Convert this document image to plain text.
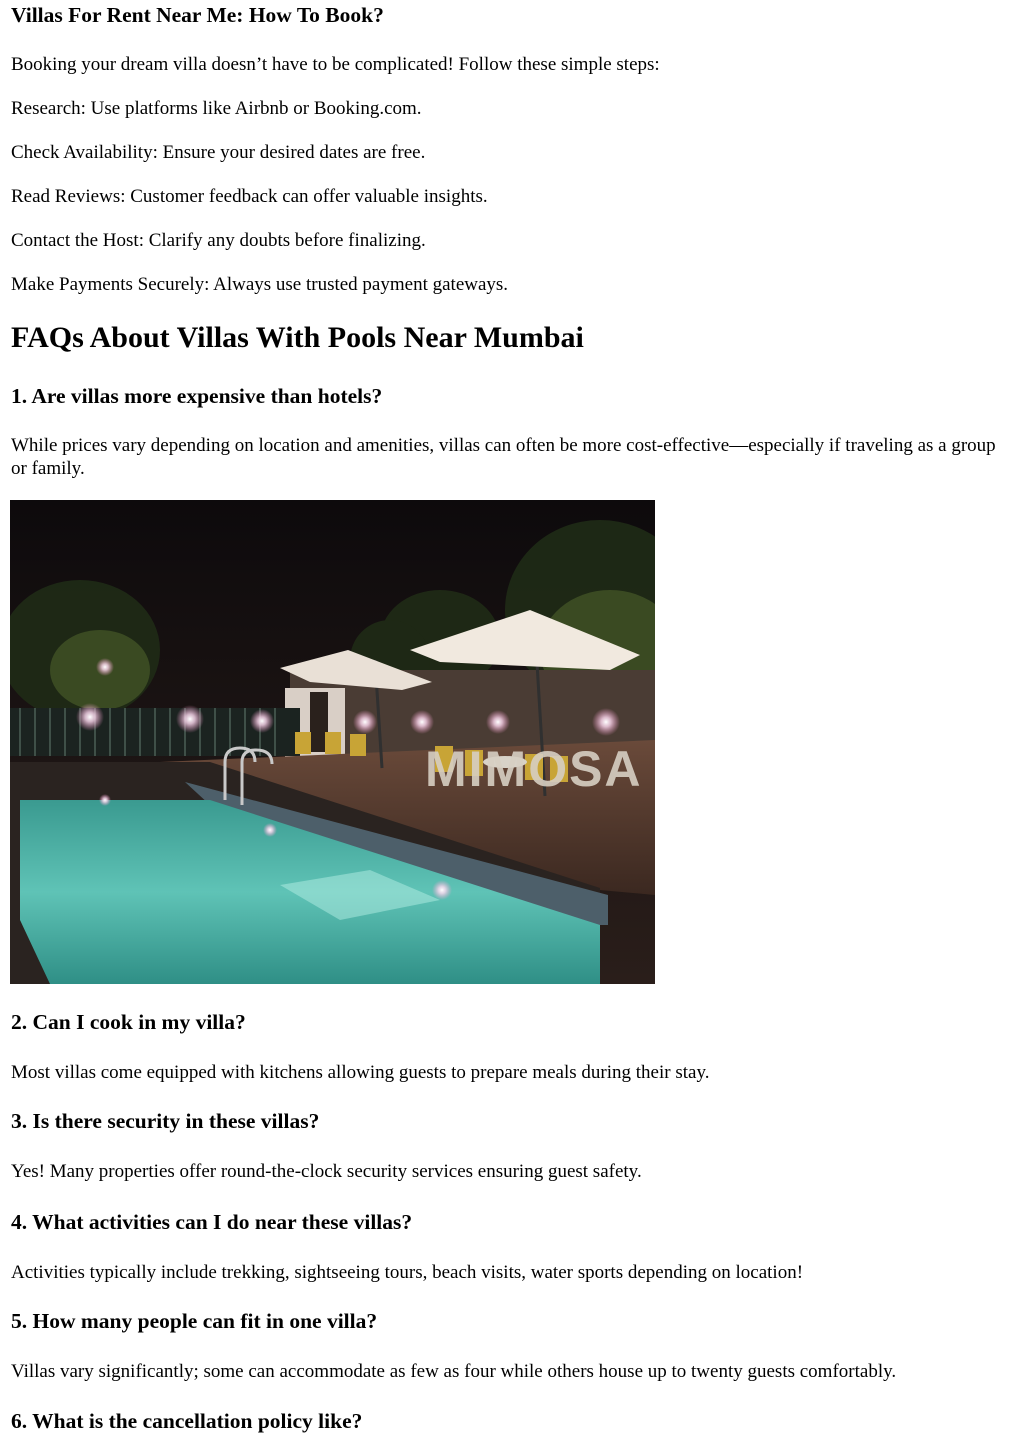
Villas For Rent Near Me: How To Book?

Booking your dream villa doesn’t have to be complicated! Follow these simple steps:

Research: Use platforms like Airbnb or Booking.com.

Check Availability: Ensure your desired dates are free.

Read Reviews: Customer feedback can offer valuable insights.

Contact the Host: Clarify any doubts before finalizing.

Make Payments Securely: Always use trusted payment gateways.

FAQs About Villas With Pools Near Mumbai
1. Are villas more expensive than hotels?

While prices vary depending on location and amenities, villas can often be more cost-effective—especially if traveling as a group or family.

MIMOSA
2. Can I cook in my villa?

Most villas come equipped with kitchens allowing guests to prepare meals during their stay.

3. Is there security in these villas?

Yes! Many properties offer round-the-clock security services ensuring guest safety.

4. What activities can I do near these villas?

Activities typically include trekking, sightseeing tours, beach visits, water sports depending on location!

5. How many people can fit in one villa?

Villas vary significantly; some can accommodate as few as four while others house up to twenty guests comfortably.

6. What is the cancellation policy like?
